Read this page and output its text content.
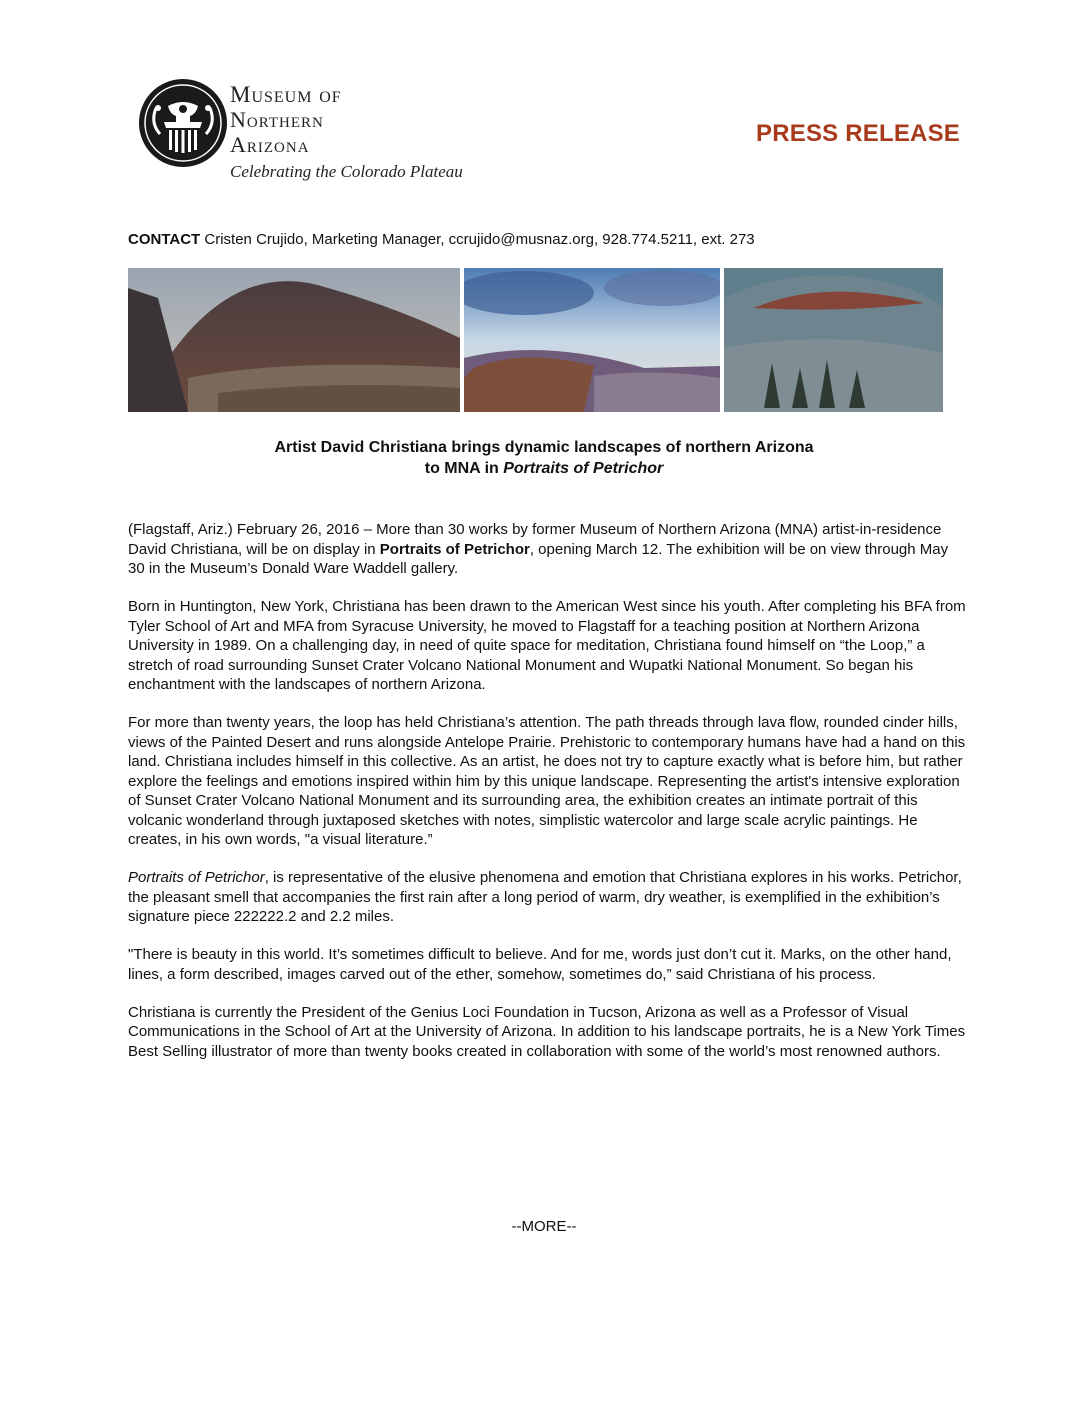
Museum of
Northern
Arizona
Celebrating the Colorado Plateau
PRESS RELEASE
CONTACT Cristen Crujido, Marketing Manager, ccrujido@musnaz.org, 928.774.5211, ext. 273
Artist David Christiana brings dynamic landscapes of northern Arizona
to MNA in Portraits of Petrichor

(Flagstaff, Ariz.) February 26, 2016 – More than 30 works by former Museum of Northern Arizona (MNA) artist-in-residence David Christiana, will be on display in Portraits of Petrichor, opening March 12. The exhibition will be on view through May 30 in the Museum’s Donald Ware Waddell gallery.

Born in Huntington, New York, Christiana has been drawn to the American West since his youth. After completing his BFA from Tyler School of Art and MFA from Syracuse University, he moved to Flagstaff for a teaching position at Northern Arizona University in 1989. On a challenging day, in need of quite space for meditation, Christiana found himself on “the Loop,” a stretch of road surrounding Sunset Crater Volcano National Monument and Wupatki National Monument. So began his enchantment with the landscapes of northern Arizona.

For more than twenty years, the loop has held Christiana’s attention. The path threads through lava flow, rounded cinder hills, views of the Painted Desert and runs alongside Antelope Prairie. Prehistoric to contemporary humans have had a hand on this land. Christiana includes himself in this collective. As an artist, he does not try to capture exactly what is before him, but rather explore the feelings and emotions inspired within him by this unique landscape. Representing the artist's intensive exploration of Sunset Crater Volcano National Monument and its surrounding area, the exhibition creates an intimate portrait of this volcanic wonderland through juxtaposed sketches with notes, simplistic watercolor and large scale acrylic paintings. He creates, in his own words, "a visual literature.”

Portraits of Petrichor, is representative of the elusive phenomena and emotion that Christiana explores in his works. Petrichor, the pleasant smell that accompanies the first rain after a long period of warm, dry weather, is exemplified in the exhibition’s signature piece 222222.2 and 2.2 miles.

"There is beauty in this world. It’s sometimes difficult to believe. And for me, words just don’t cut it. Marks, on the other hand, lines, a form described, images carved out of the ether, somehow, sometimes do,” said Christiana of his process.

Christiana is currently the President of the Genius Loci Foundation in Tucson, Arizona as well as a Professor of Visual Communications in the School of Art at the University of Arizona. In addition to his landscape portraits, he is a New York Times Best Selling illustrator of more than twenty books created in collaboration with some of the world’s most renowned authors.

--MORE--
